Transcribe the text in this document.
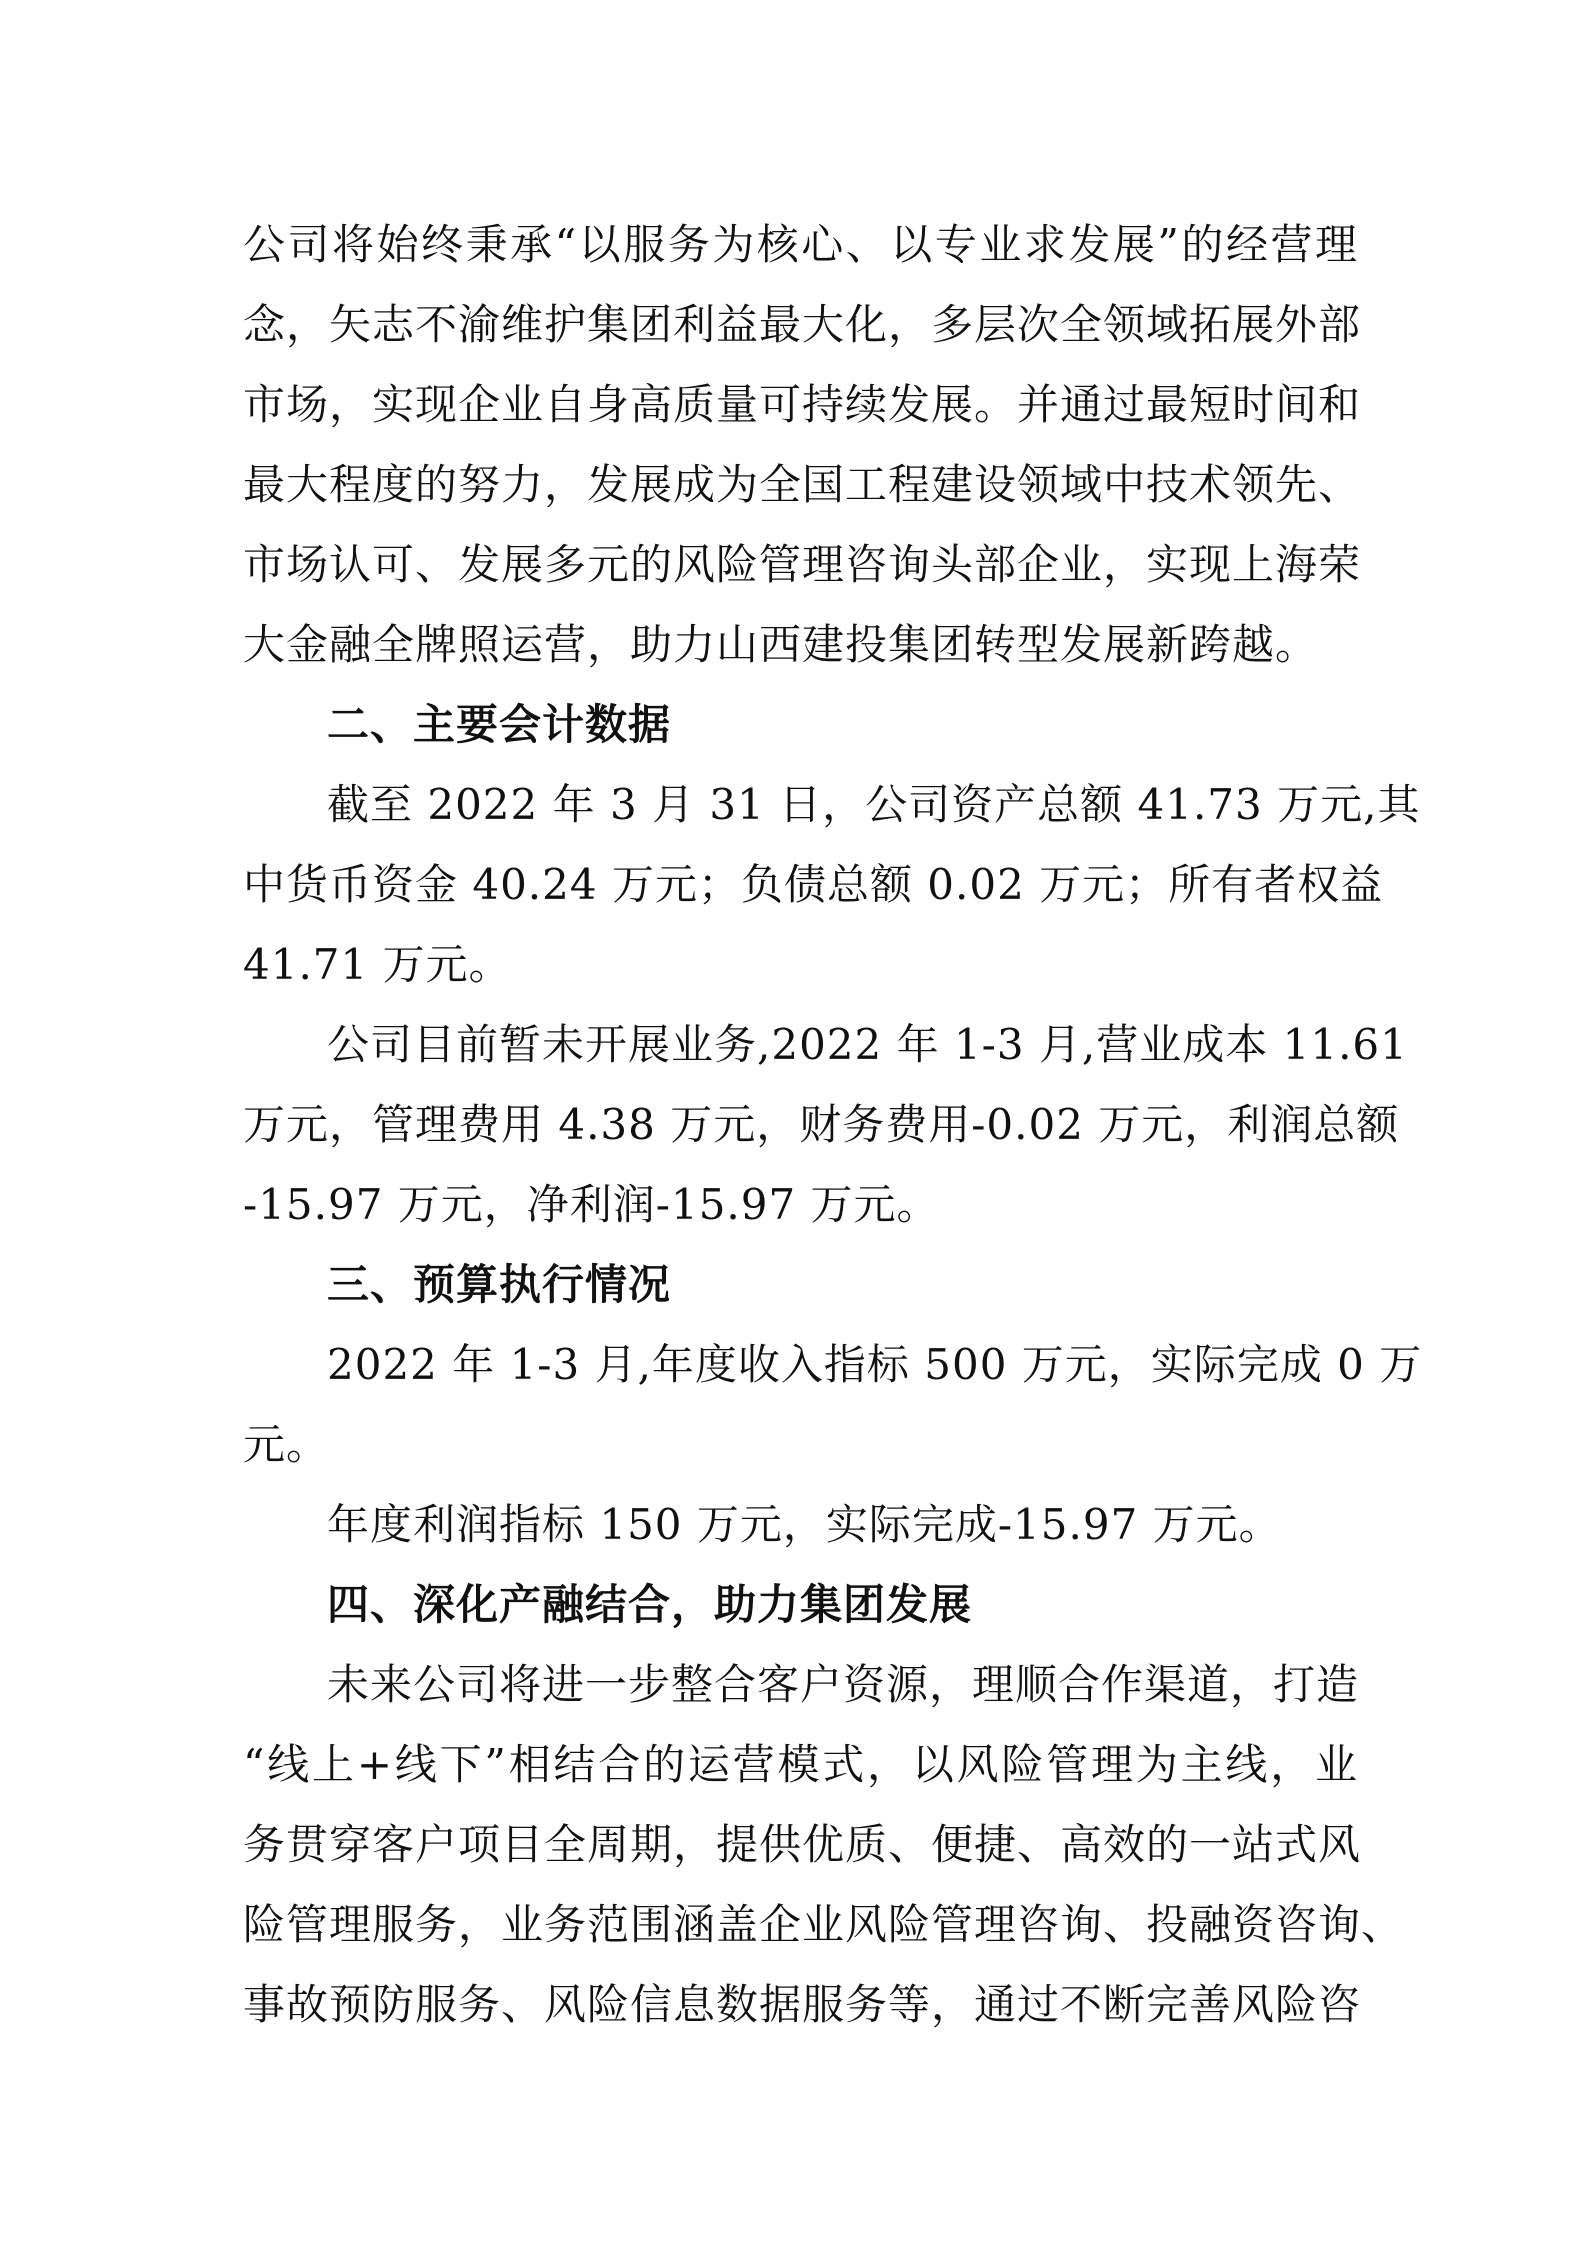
公司将始终秉承“以服务为核心、以专业求发展”的经营理
念，矢志不渝维护集团利益最大化，多层次全领域拓展外部
市场，实现企业自身高质量可持续发展。并通过最短时间和
最大程度的努力，发展成为全国工程建设领域中技术领先、
市场认可、发展多元的风险管理咨询头部企业，实现上海荣
大金融全牌照运营，助力山西建投集团转型发展新跨越。
二、主要会计数据
截至 2022 年 3 月 31 日，公司资产总额 41.73 万元,其
中货币资金 40.24 万元；负债总额 0.02 万元；所有者权益
41.71 万元。
公司目前暂未开展业务,2022 年 1-3 月,营业成本 11.61
万元，管理费用 4.38 万元，财务费用-0.02 万元，利润总额
-15.97 万元，净利润-15.97 万元。
三、预算执行情况
2022 年 1-3 月,年度收入指标 500 万元，实际完成 0 万
元。
年度利润指标 150 万元，实际完成-15.97 万元。
四、深化产融结合，助力集团发展
未来公司将进一步整合客户资源，理顺合作渠道，打造
“线上+线下”相结合的运营模式，以风险管理为主线，业
务贯穿客户项目全周期，提供优质、便捷、高效的一站式风
险管理服务，业务范围涵盖企业风险管理咨询、投融资咨询、
事故预防服务、风险信息数据服务等，通过不断完善风险咨
